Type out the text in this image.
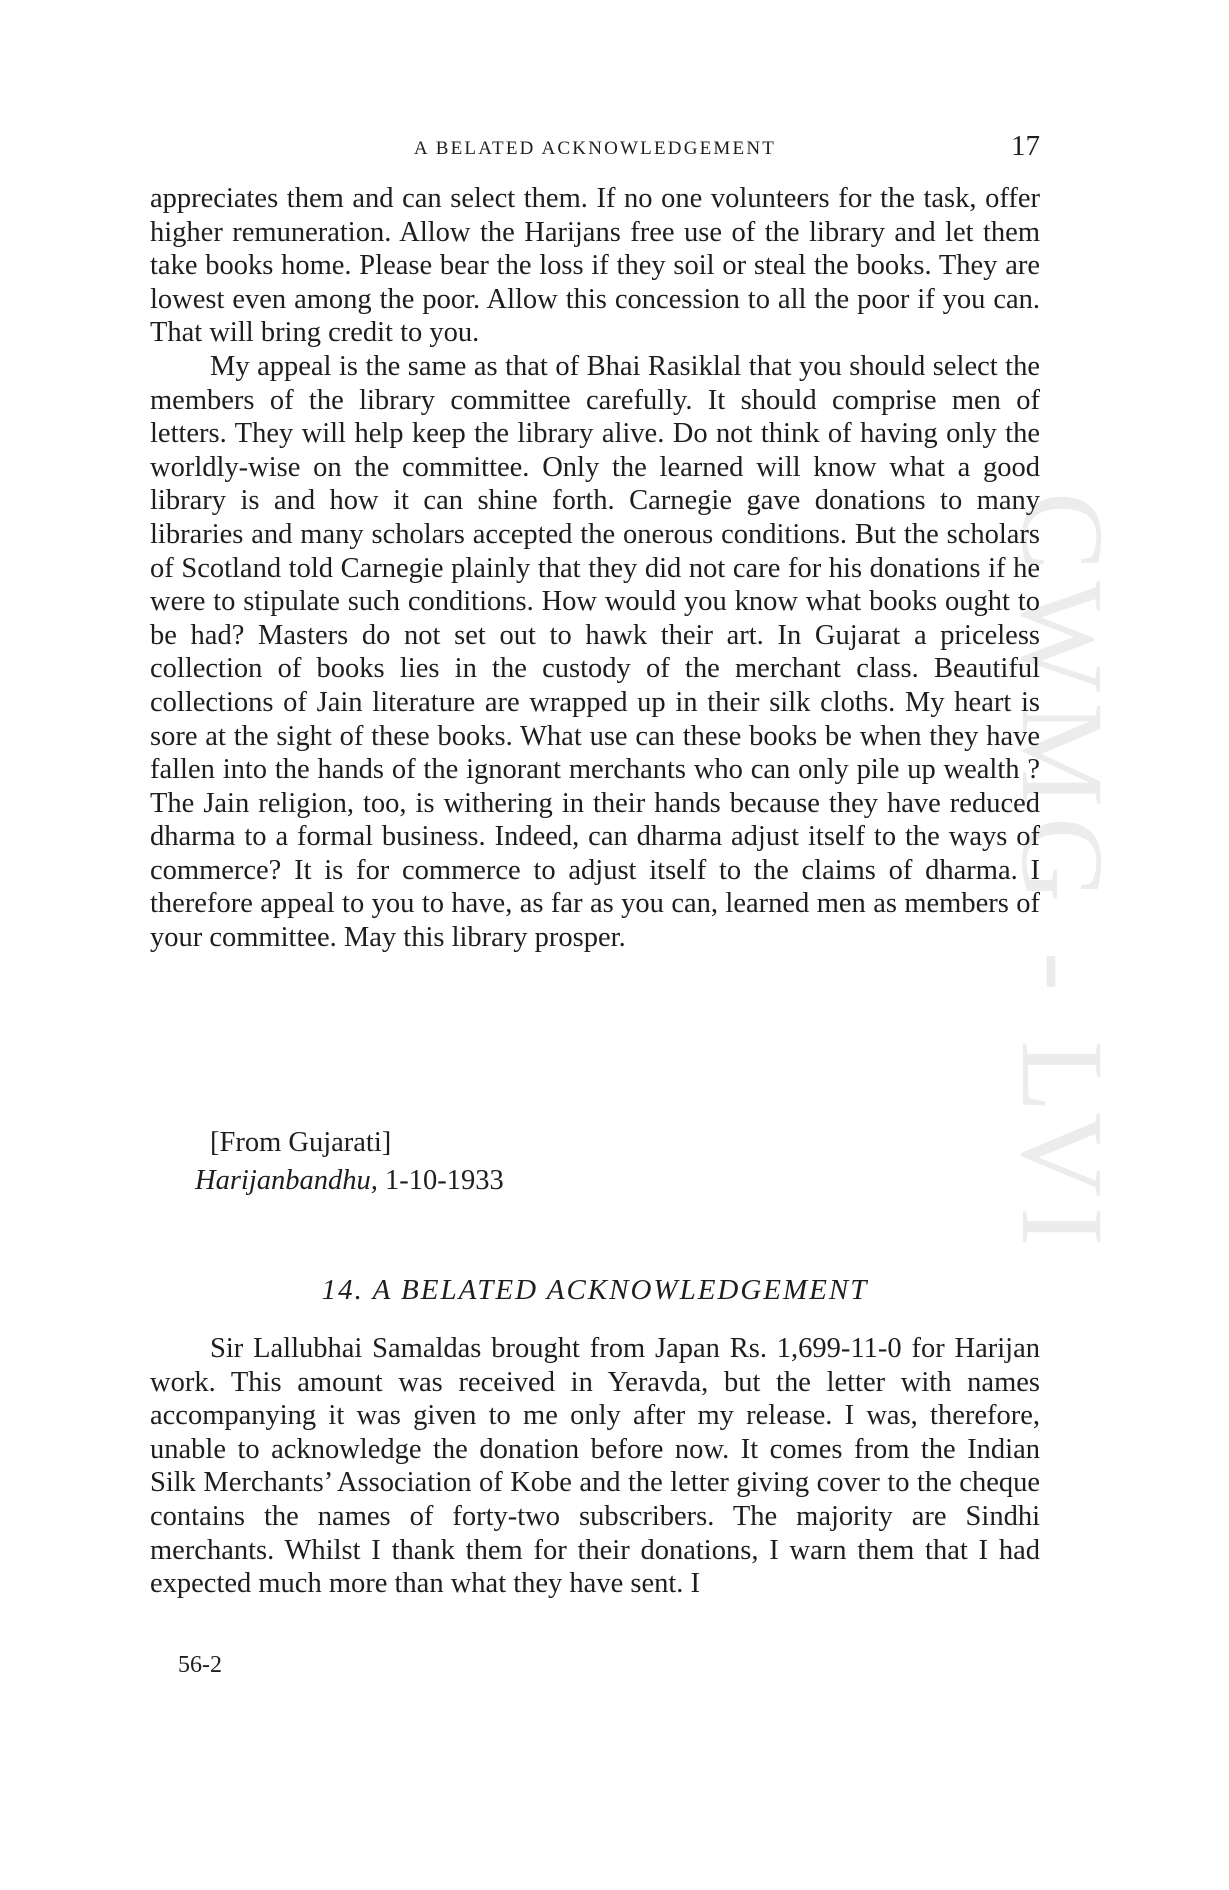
CWMG - LVI
A BELATED ACKNOWLEDGEMENT	17

appreciates them and can select them. If no one volunteers for the task, offer higher remuneration. Allow the Harijans free use of the library and let them take books home. Please bear the loss if they soil or steal the books. They are lowest even among the poor. Allow this concession to all the poor if you can. That will bring credit to you.

My appeal is the same as that of Bhai Rasiklal that you should select the members of the library committee carefully. It should comprise men of letters. They will help keep the library alive. Do not think of having only the worldly-wise on the committee. Only the learned will know what a good library is and how it can shine forth. Carnegie gave donations to many libraries and many scholars accepted the onerous conditions. But the scholars of Scotland told Carnegie plainly that they did not care for his donations if he were to stipulate such conditions. How would you know what books ought to be had? Masters do not set out to hawk their art. In Gujarat a priceless collection of books lies in the custody of the merchant class. Beautiful collections of Jain literature are wrapped up in their silk cloths. My heart is sore at the sight of these books. What use can these books be when they have fallen into the hands of the ignorant merchants who can only pile up wealth ? The Jain religion, too, is withering in their hands because they have reduced dharma to a formal business. Indeed, can dharma adjust itself to the ways of commerce? It is for commerce to adjust itself to the claims of dharma. I therefore appeal to you to have, as far as you can, learned men as members of your committee. May this library prosper.

[From Gujarati]
Harijanbandhu, 1-10-1933
14. A BELATED ACKNOWLEDGEMENT

Sir Lallubhai Samaldas brought from Japan Rs. 1,699-11-0 for Harijan work. This amount was received in Yeravda, but the letter with names accompanying it was given to me only after my release. I was, therefore, unable to acknowledge the donation before now. It comes from the Indian Silk Merchants’ Association of Kobe and the letter giving cover to the cheque contains the names of forty-two subscribers. The majority are Sindhi merchants. Whilst I thank them for their donations, I warn them that I had expected much more than what they have sent. I

56-2
